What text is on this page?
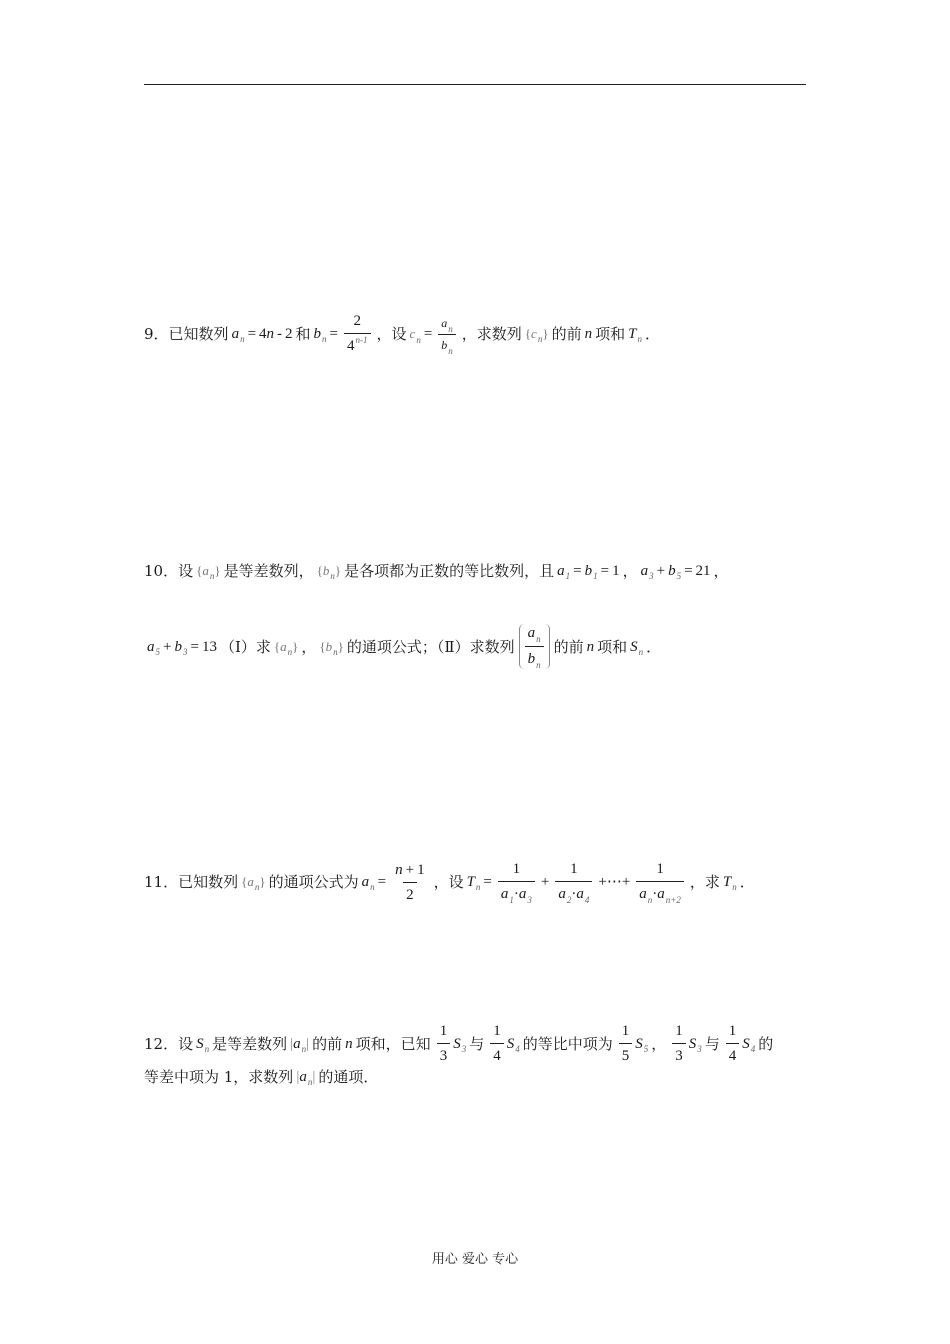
9． 已知数列 a n = 4 n - 2 和 b $n = \frac{2}{4^{n-1}}$ ，设 $c_n = \frac{a_n}{b_n}$ ，求数列 { c n } 的前 n 项和 T n ．
10． 设 { a n } 是等差数列， { b n } 是各项都为正数的等比数列，且 a 1 = b 1 = 1 ， a 3 + b 5 = 21 ，
a 5 + b 3 = 13 （Ⅰ）求 { a n } ， { b n } 的通项公式；（Ⅱ）求数列 $\frac{a_n}{b_n}$ 的前 n 项和 S n ．
11． 已知数列 { a n } 的通项公式为 a $n = \frac{n + 1}{2}$ ，设 T $n = \frac{1}{a_1\cdot a_3} + \frac{1}{a_2\cdot a_4}$ +⋯+ $\frac{1}{a_n\cdot a_{n+2}}$ ，求 T n ．
12． 设 S n 是等差数列 | a n | 的前 n 项和，已知 $\frac{1}{3}$ S 3 与 $\frac{1}{4}$ S 4 的等比中项为 $\frac{1}{5}$ S 5 ， $\frac{1}{3}$ S 3 与 $\frac{1}{4}$ S 4 的
等差中项为 1，求数列 | a n | 的通项．
用心 爱心 专心
